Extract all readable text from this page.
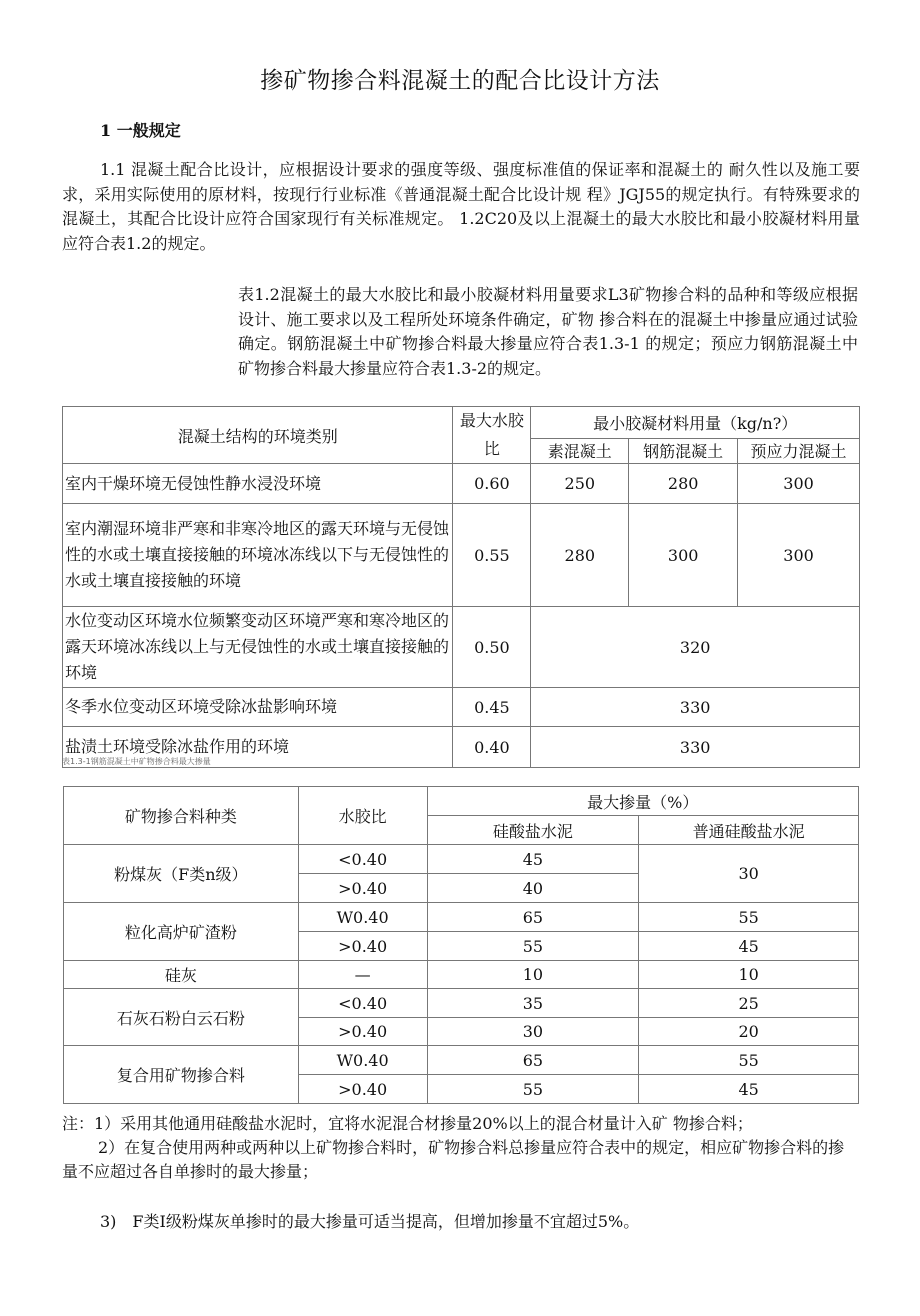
掺矿物掺合料混凝土的配合比设计方法
1 一般规定
1.1 混凝土配合比设计，应根据设计要求的强度等级、强度标准值的保证率和混凝土的 耐久性以及施工要求，采用实际使用的原材料，按现行行业标准《普通混凝土配合比设计规 程》JGJ55的规定执行。有特殊要求的混凝土，其配合比设计应符合国家现行有关标准规定。 1.2C20及以上混凝土的最大水胶比和最小胶凝材料用量应符合表1.2的规定。
表1.2混凝土的最大水胶比和最小胶凝材料用量要求L3矿物掺合料的品种和等级应根据设计、施工要求以及工程所处环境条件确定，矿物 掺合料在的混凝土中掺量应通过试验确定。钢筋混凝土中矿物掺合料最大掺量应符合表1.3-1 的规定；预应力钢筋混凝土中矿物掺合料最大掺量应符合表1.3-2的规定。
混凝土结构的环境类别	最大水胶比	最小胶凝材料用量（kg/n?）		
		素混凝土	钢筋混凝土	预应力混凝土
室内干燥环境无侵蚀性静水浸没环境	0.60	250	280	300
室内潮湿环境非严寒和非寒冷地区的露天环境与无侵蚀性的水或土壤直接接触的环境冰冻线以下与无侵蚀性的水或土壤直接接触的环境	0.55	280	300	300
水位变动区环境水位频繁变动区环境严寒和寒冷地区的露天环境冰冻线以上与无侵蚀性的水或土壤直接接触的环境	0.50	320		
冬季水位变动区环境受除冰盐影响环境	0.45	330		
盐渍土环境受除冰盐作用的环境	0.40	330		
表1.3-1钢筋混凝土中矿物掺合料最大掺量
矿物掺合料种类	水胶比	最大掺量（%）	
		硅酸盐水泥	普通硅酸盐水泥
粉煤灰（F类n级）	<0.40	45	30
	>0.40	40	
粒化高炉矿渣粉	W0.40	65	55
	>0.40	55	45
硅灰	—	10	10
石灰石粉白云石粉	<0.40	35	25
	>0.40	30	20
复合用矿物掺合料	W0.40	65	55
	>0.40	55	45
注：1）采用其他通用硅酸盐水泥时，宜将水泥混合材掺量20%以上的混合材量计入矿 物掺合料；
2）在复合使用两种或两种以上矿物掺合料时，矿物掺合料总掺量应符合表中的规定，相应矿物掺合料的掺量不应超过各自单掺时的最大掺量；
3)　F类I级粉煤灰单掺时的最大掺量可适当提高，但增加掺量不宜超过5%。
